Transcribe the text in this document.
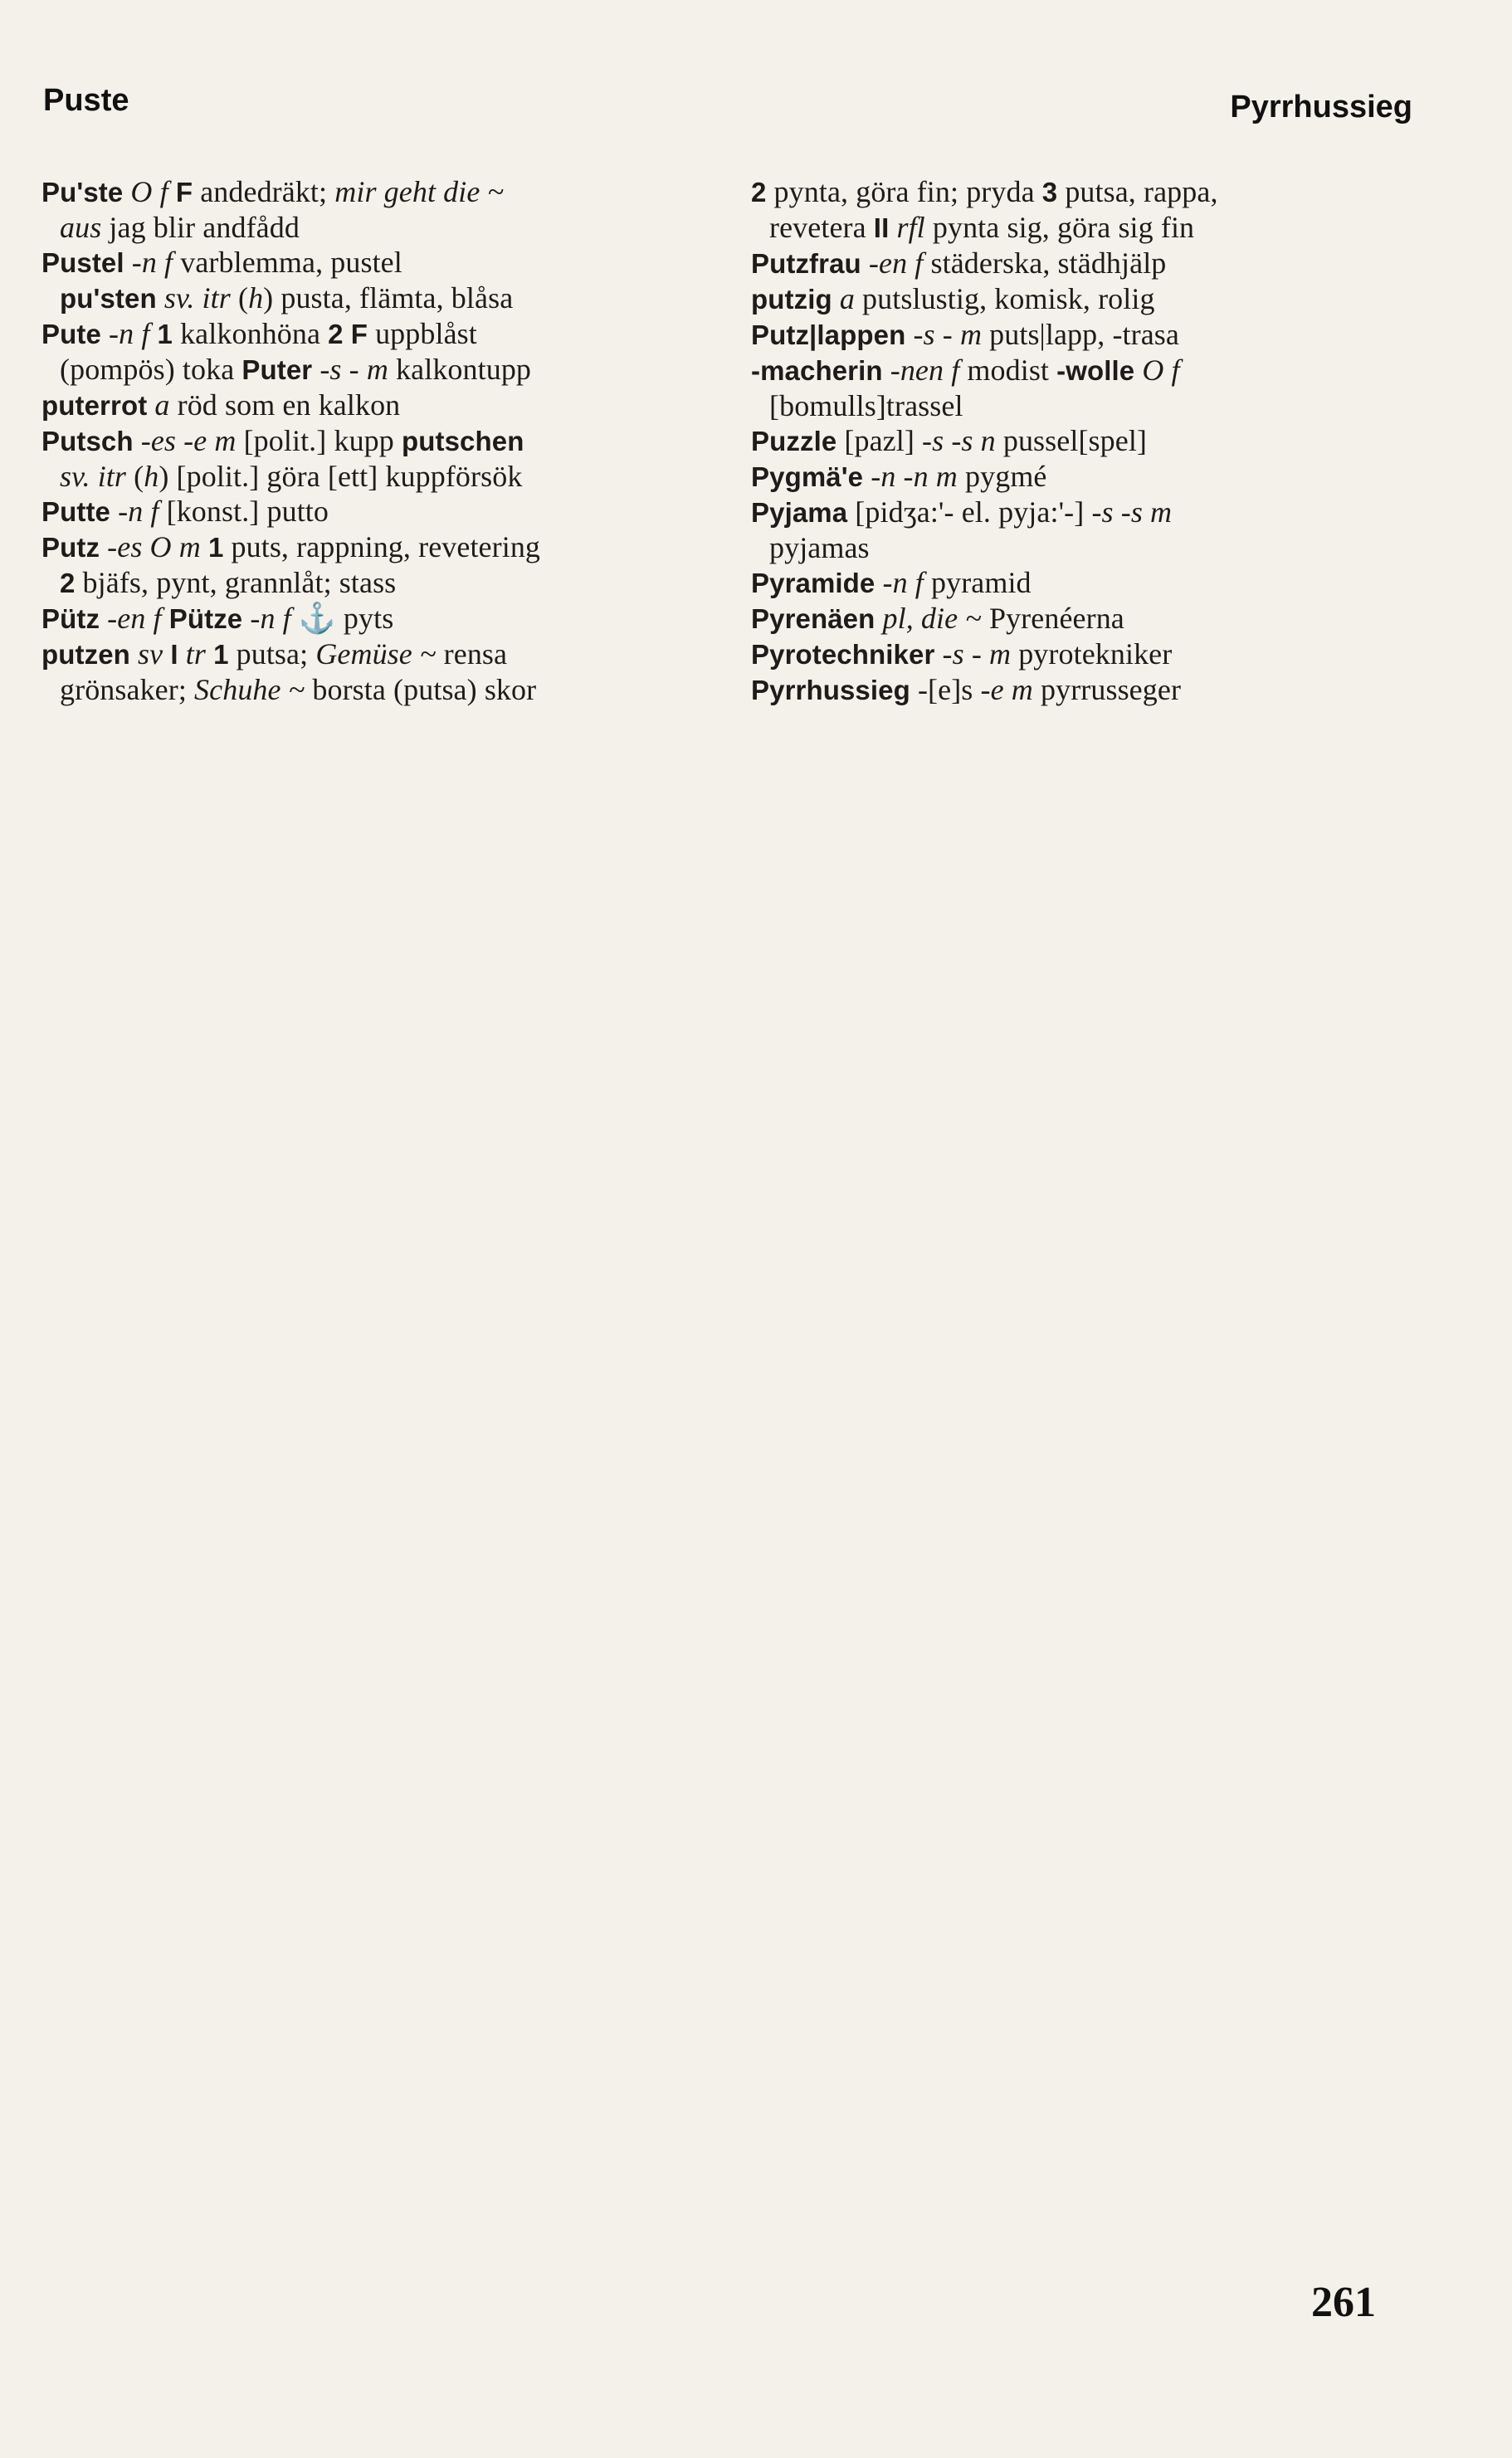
Puste	Pyrrhussieg
Pu'ste O f F andedräkt; mir geht die ~
aus jag blir andfådd
Pustel -n f varblemma, pustel
pu'sten sv. itr (h) pusta, flämta, blåsa
Pute -n f 1 kalkonhöna 2 F uppblåst
(pompös) toka Puter -s - m kalkontupp
puterrot a röd som en kalkon
Putsch -es -e m [polit.] kupp putschen
sv. itr (h) [polit.] göra [ett] kuppförsök
Putte -n f [konst.] putto
Putz -es O m 1 puts, rappning, revetering
2 bjäfs, pynt, grannlåt; stass
Pütz -en f Pütze -n f ⚓ pyts
putzen sv I tr 1 putsa; Gemüse ~ rensa
grönsaker; Schuhe ~ borsta (putsa) skor
2 pynta, göra fin; pryda 3 putsa, rappa,
revetera II rfl pynta sig, göra sig fin
Putzfrau -en f städerska, städhjälp
putzig a putslustig, komisk, rolig
Putz|lappen -s - m puts|lapp, -trasa
-macherin -nen f modist -wolle O f
[bomulls]trassel
Puzzle [pazl] -s -s n pussel[spel]
Pygmä'e -n -n m pygmé
Pyjama [pidʒa:'- el. pyja:'-] -s -s m
pyjamas
Pyramide -n f pyramid
Pyrenäen pl, die ~ Pyrenéerna
Pyrotechniker -s - m pyrotekniker
Pyrrhussieg -[e]s -e m pyrrusseger
261
